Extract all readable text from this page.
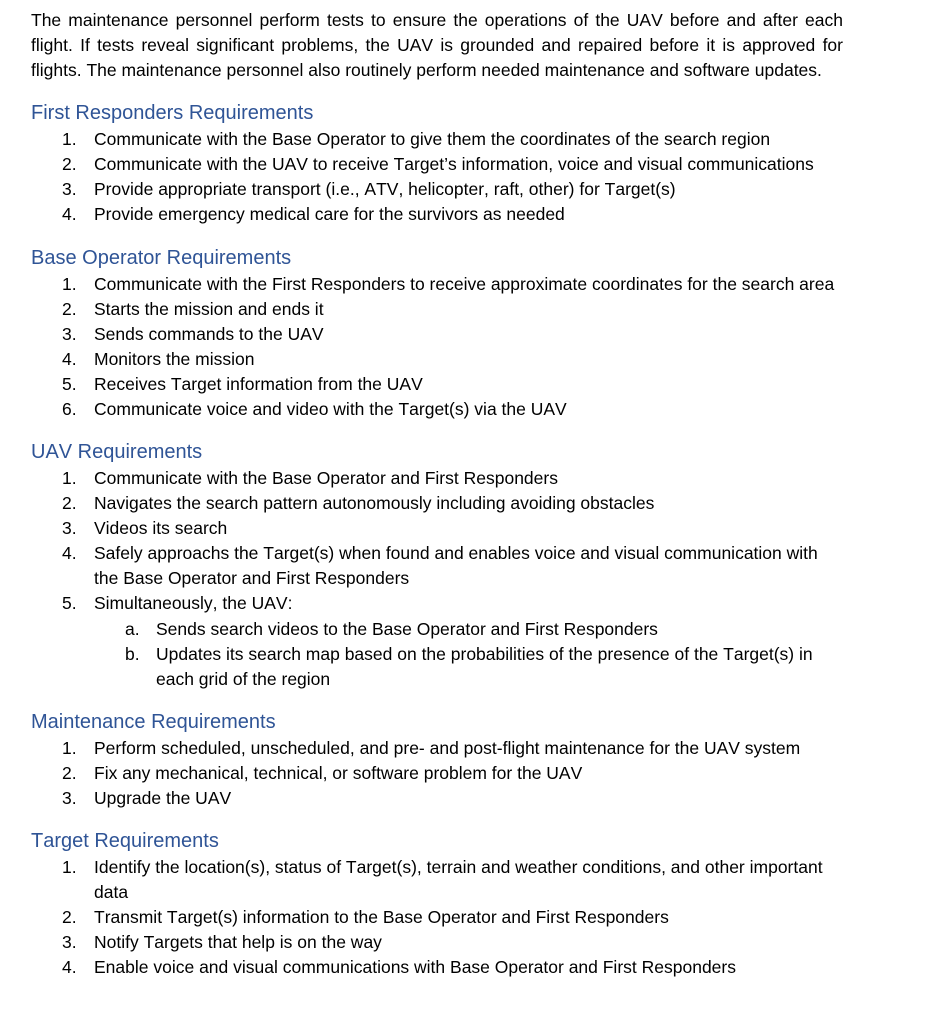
The maintenance personnel perform tests to ensure the operations of the UAV before and after each
flight. If tests reveal significant problems, the UAV is grounded and repaired before it is approved for
flights. The maintenance personnel also routinely perform needed maintenance and software updates.
First Responders Requirements
1. Communicate with the Base Operator to give them the coordinates of the search region
2. Communicate with the UAV to receive Target’s information, voice and visual communications
3. Provide appropriate transport (i.e., ATV, helicopter, raft, other) for Target(s)
4. Provide emergency medical care for the survivors as needed
Base Operator Requirements
1. Communicate with the First Responders to receive approximate coordinates for the search area
2. Starts the mission and ends it
3. Sends commands to the UAV
4. Monitors the mission
5. Receives Target information from the UAV
6. Communicate voice and video with the Target(s) via the UAV
UAV Requirements
1. Communicate with the Base Operator and First Responders
2. Navigates the search pattern autonomously including avoiding obstacles
3. Videos its search
4. Safely approachs the Target(s) when found and enables voice and visual communication with
the Base Operator and First Responders
5. Simultaneously, the UAV:
a. Sends search videos to the Base Operator and First Responders
b. Updates its search map based on the probabilities of the presence of the Target(s) in
each grid of the region
Maintenance Requirements
1. Perform scheduled, unscheduled, and pre- and post-flight maintenance for the UAV system
2. Fix any mechanical, technical, or software problem for the UAV
3. Upgrade the UAV
Target Requirements
1. Identify the location(s), status of Target(s), terrain and weather conditions, and other important
data
2. Transmit Target(s) information to the Base Operator and First Responders
3. Notify Targets that help is on the way
4. Enable voice and visual communications with Base Operator and First Responders
